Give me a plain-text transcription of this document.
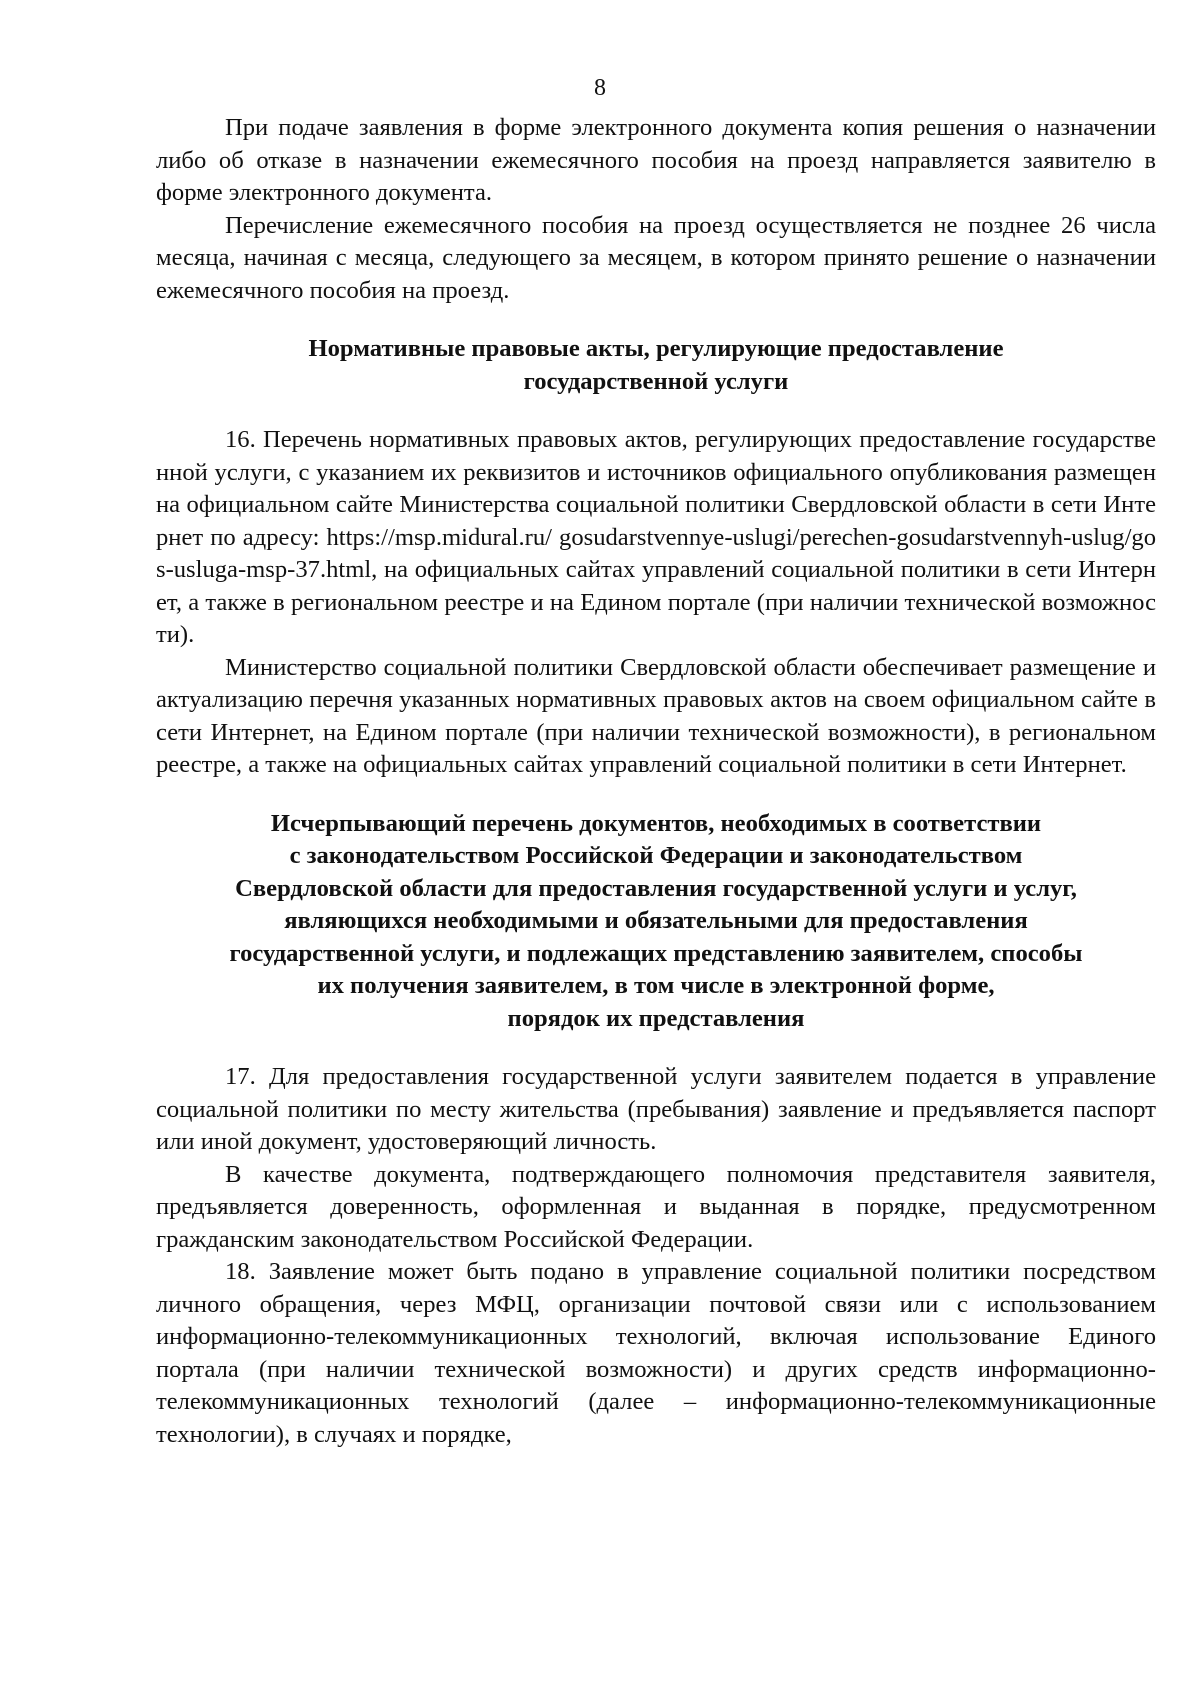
8

При подаче заявления в форме электронного документа копия решения о назначении либо об отказе в назначении ежемесячного пособия на проезд направляется заявителю в форме электронного документа.

Перечисление ежемесячного пособия на проезд осуществляется не позднее 26 числа месяца, начиная с месяца, следующего за месяцем, в котором принято решение о назначении ежемесячного пособия на проезд.

Нормативные правовые акты, регулирующие предоставление
государственной услуги

16. Перечень нормативных правовых актов, регулирующих предоставление государственной услуги, с указанием их реквизитов и источников официального опубликования размещен на официальном сайте Министерства социальной политики Свердловской области в сети Интернет по адресу: https://msp.midural.ru/ gosudarstvennye-uslugi/perechen-gosudarstvennyh-uslug/gos-usluga-msp-37.html, на официальных сайтах управлений социальной политики в сети Интернет, а также в региональном реестре и на Едином портале (при наличии технической возможности).

Министерство социальной политики Свердловской области обеспечивает размещение и актуализацию перечня указанных нормативных правовых актов на своем официальном сайте в сети Интернет, на Едином портале (при наличии технической возможности), в региональном реестре, а также на официальных сайтах управлений социальной политики в сети Интернет.

Исчерпывающий перечень документов, необходимых в соответствии
с законодательством Российской Федерации и законодательством
Свердловской области для предоставления государственной услуги и услуг,
являющихся необходимыми и обязательными для предоставления
государственной услуги, и подлежащих представлению заявителем, способы
их получения заявителем, в том числе в электронной форме,
порядок их представления

17. Для предоставления государственной услуги заявителем подается в управление социальной политики по месту жительства (пребывания) заявление и предъявляется паспорт или иной документ, удостоверяющий личность.

В качестве документа, подтверждающего полномочия представителя заявителя, предъявляется доверенность, оформленная и выданная в порядке, предусмотренном гражданским законодательством Российской Федерации.

18. Заявление может быть подано в управление социальной политики посредством личного обращения, через МФЦ, организации почтовой связи или с использованием информационно-телекоммуникационных технологий, включая использование Единого портала (при наличии технической возможности) и других средств информационно-телекоммуникационных технологий (далее – информационно-телекоммуникационные технологии), в случаях и порядке,
